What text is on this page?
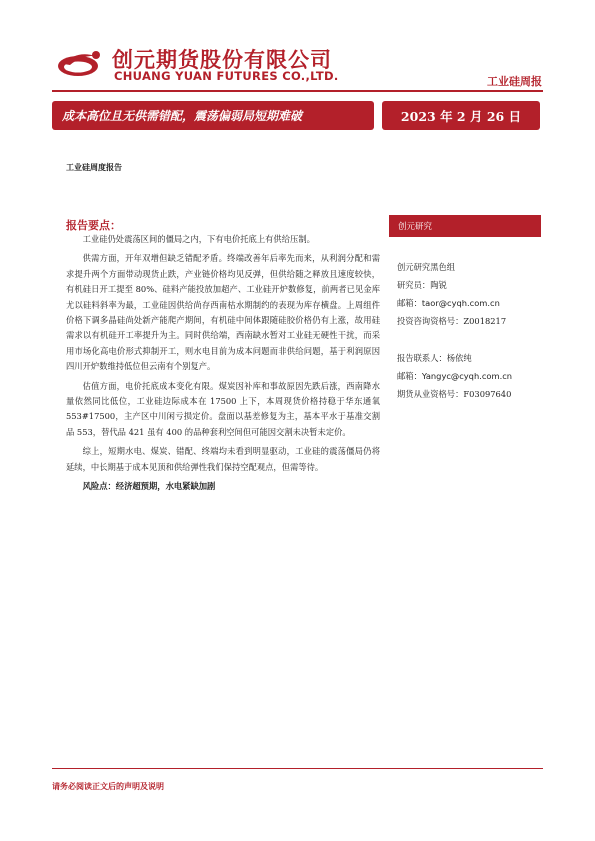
创元期货股份有限公司
CHUANG YUAN FUTURES CO.,LTD.	工业硅周报
成本高位且无供需错配，震荡偏弱局短期难破	2023 年 2 月 26 日
工业硅周度报告
报告要点：

工业硅仍处震荡区间的僵局之内，下有电价托底上有供给压制。

供需方面，开年双增但缺乏错配矛盾。终端改善年后率先而来，从利润分配和需求提升两个方面带动现货止跌，产业链价格均见反弹，但供给随之释放且速度较快，有机硅日开工提至 80%、硅料产能投放加超产、工业硅开炉数修复，前两者已见金库尤以硅料斜率为最，工业硅因供给尚存西南枯水期制约的表现为库存横盘。上周组件价格下调多晶硅尚处新产能爬产期间，有机硅中间体跟随硅胶价格仍有上涨，故用硅需求以有机硅开工率提升为主。同时供给端，西南缺水暂对工业硅无硬性干扰，而采用市场化高电价形式抑制开工，则水电目前为成本问题而非供给问题，基于利润原因四川开炉数维持低位但云南有个别复产。

估值方面，电价托底成本变化有限。煤炭因补库和事故原因先跌后涨，西南降水量依然同比低位，工业硅边际成本在 17500 上下，本周现货价格持稳于华东通氧 553#17500，主产区中川闲亏损定价。盘面以基差修复为主，基本平水于基准交割品 553，替代品 421 虽有 400 的品种套利空间但可能因交割未决暂未定价。

综上，短期水电、煤炭、错配、终端均未看到明显驱动，工业硅的震荡僵局仍将延续，中长期基于成本见顶和供给弹性我们保持空配观点，但需等待。

风险点：经济超预期，水电紧缺加剧

创元研究
创元研究黑色组
研究员：陶锐
邮箱：taor@cyqh.com.cn
投资咨询资格号：Z0018217
报告联系人：杨依纯
邮箱：Yangyc@cyqh.com.cn
期货从业资格号：F03097640
请务必阅读正文后的声明及说明
